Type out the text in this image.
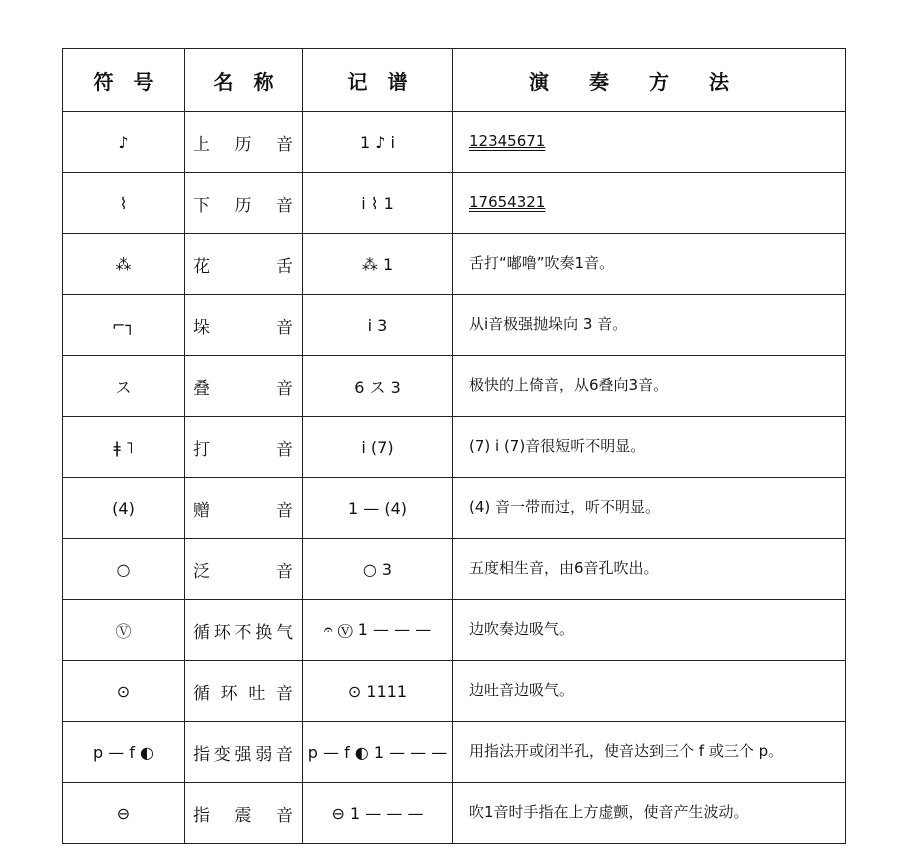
符　号	名　称	记　谱	演奏方法
♪	上历音	1 ♪ i	12345671
⌇	下历音	i ⌇ 1	17654321
⁂	花舌	⁂ 1	舌打“嘟噜”吹奏1音。
⌐┐	垛音	i 3	从i音极强抛垛向 3 音。
ス	叠音	6 ス 3	极快的上倚音，从6叠向3音。
ǂ ˥	打音	i (7)	(7) i (7)音很短听不明显。
(4)	赠音	1 — (4)	(4) 音一带而过，听不明显。
○	泛音	○ 3	五度相生音，由6音孔吹出。
Ⓥ	循环不换气	𝄐 Ⓥ 1 — — —	边吹奏边吸气。
⊙	循环吐音	⊙ 1111	边吐音边吸气。
p — f ◐	指变强弱音	p — f ◐ 1 — — —	用指法开或闭半孔，使音达到三个 f 或三个 p。
⊖	指震音	⊖ 1 — — —	吹1音时手指在上方虚颤，使音产生波动。
